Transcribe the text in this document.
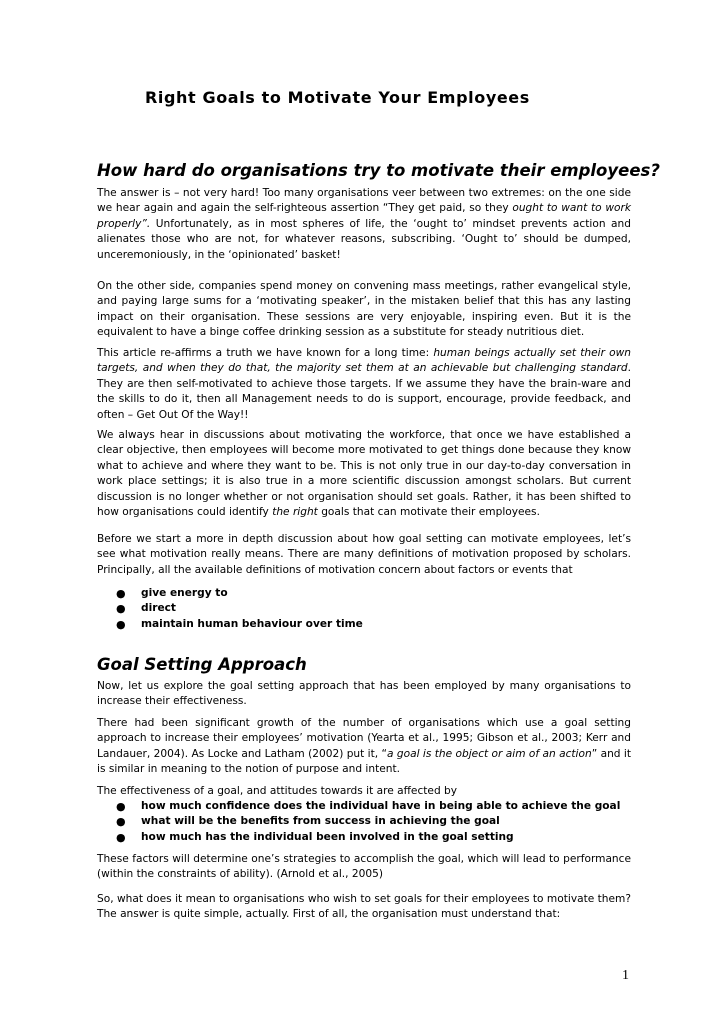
Right Goals to Motivate Your Employees
How hard do organisations try to motivate their employees?

The answer is – not very hard! Too many organisations veer between two extremes: on the one side we hear again and again the self-righteous assertion “They get paid, so they ought to want to work properly”. Unfortunately, as in most spheres of life, the ‘ought to’ mindset prevents action and alienates those who are not, for whatever reasons, subscribing. ‘Ought to’ should be dumped, unceremoniously, in the ‘opinionated’ basket!

On the other side, companies spend money on convening mass meetings, rather evangelical style, and paying large sums for a ‘motivating speaker’, in the mistaken belief that this has any lasting impact on their organisation. These sessions are very enjoyable, inspiring even. But it is the equivalent to have a binge coffee drinking session as a substitute for steady nutritious diet.

This article re-affirms a truth we have known for a long time: human beings actually set their own targets, and when they do that, the majority set them at an achievable but challenging standard. They are then self-motivated to achieve those targets. If we assume they have the brain-ware and the skills to do it, then all Management needs to do is support, encourage, provide feedback, and often – Get Out Of the Way!!

We always hear in discussions about motivating the workforce, that once we have established a clear objective, then employees will become more motivated to get things done because they know what to achieve and where they want to be. This is not only true in our day-to-day conversation in work place settings; it is also true in a more scientific discussion amongst scholars. But current discussion is no longer whether or not organisation should set goals. Rather, it has been shifted to how organisations could identify the right goals that can motivate their employees.

Before we start a more in depth discussion about how goal setting can motivate employees, let’s see what motivation really means. There are many definitions of motivation proposed by scholars. Principally, all the available definitions of motivation concern about factors or events that

● give energy to
● direct
● maintain human behaviour over time
Goal Setting Approach

Now, let us explore the goal setting approach that has been employed by many organisations to increase their effectiveness.

There had been significant growth of the number of organisations which use a goal setting approach to increase their employees’ motivation (Yearta et al., 1995; Gibson et al., 2003; Kerr and Landauer, 2004). As Locke and Latham (2002) put it, “a goal is the object or aim of an action” and it is similar in meaning to the notion of purpose and intent.

The effectiveness of a goal, and attitudes towards it are affected by

● how much confidence does the individual have in being able to achieve the goal
● what will be the benefits from success in achieving the goal
● how much has the individual been involved in the goal setting

These factors will determine one’s strategies to accomplish the goal, which will lead to performance (within the constraints of ability). (Arnold et al., 2005)

So, what does it mean to organisations who wish to set goals for their employees to motivate them? The answer is quite simple, actually. First of all, the organisation must understand that:

1
